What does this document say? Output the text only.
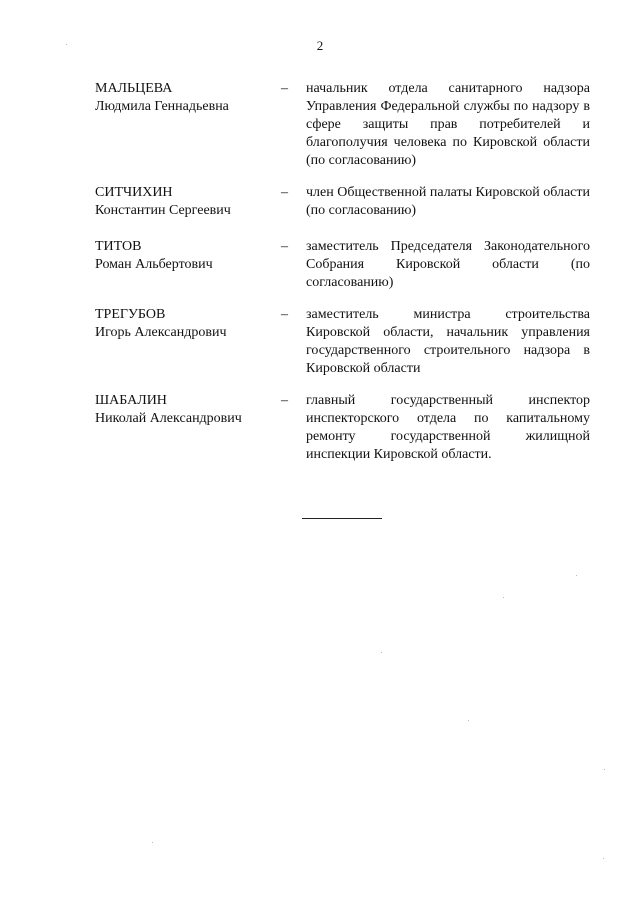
2
МАЛЬЦЕВА
Людмила Геннадьевна
– начальник отдела санитарного надзора Управления Федеральной службы по надзору в сфере защиты прав потребителей и благополучия человека по Кировской области (по согласованию)
СИТЧИХИН
Константин Сергеевич
– член Общественной палаты Кировской области (по согласованию)
ТИТОВ
Роман Альбертович
– заместитель Председателя Законодательного Собрания Кировской области (по согласованию)
ТРЕГУБОВ
Игорь Александрович
– заместитель министра строительства Кировской области, начальник управления государственного строительного надзора в Кировской области
ШАБАЛИН
Николай Александрович
– главный государственный инспектор инспекторского отдела по капитальному ремонту государственной жилищной инспекции Кировской области.
